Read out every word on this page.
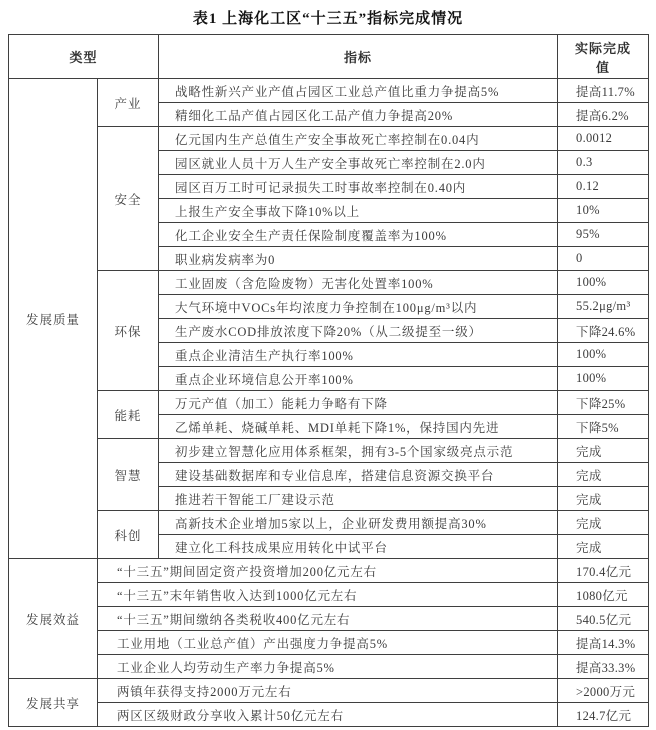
表1 上海化工区“十三五”指标完成情况
类型		指标	实际完成值
发展质量	产业	战略性新兴产业产值占园区工业总产值比重力争提高5%	提高11.7%
		精细化工品产值占园区化工品产值力争提高20%	提高6.2%
	安全	亿元国内生产总值生产安全事故死亡率控制在0.04内	0.0012
		园区就业人员十万人生产安全事故死亡率控制在2.0内	0.3
		园区百万工时可记录损失工时事故率控制在0.40内	0.12
		上报生产安全事故下降10%以上	10%
		化工企业安全生产责任保险制度覆盖率为100%	95%
		职业病发病率为0	0
	环保	工业固废（含危险废物）无害化处置率100%	100%
		大气环境中VOCs年均浓度力争控制在100μg/m³以内	55.2μg/m³
		生产废水COD排放浓度下降20%（从二级提至一级）	下降24.6%
		重点企业清洁生产执行率100%	100%
		重点企业环境信息公开率100%	100%
	能耗	万元产值（加工）能耗力争略有下降	下降25%
		乙烯单耗、烧碱单耗、MDI单耗下降1%，保持国内先进	下降5%
	智慧	初步建立智慧化应用体系框架，拥有3-5个国家级亮点示范	完成
		建设基础数据库和专业信息库，搭建信息资源交换平台	完成
		推进若干智能工厂建设示范	完成
	科创	高新技术企业增加5家以上，企业研发费用额提高30%	完成
		建立化工科技成果应用转化中试平台	完成
发展效益	“十三五”期间固定资产投资增加200亿元左右		170.4亿元
	“十三五”末年销售收入达到1000亿元左右		1080亿元
	“十三五”期间缴纳各类税收400亿元左右		540.5亿元
	工业用地（工业总产值）产出强度力争提高5%		提高14.3%
	工业企业人均劳动生产率力争提高5%		提高33.3%
发展共享	两镇年获得支持2000万元左右		>2000万元
	两区区级财政分享收入累计50亿元左右		124.7亿元
